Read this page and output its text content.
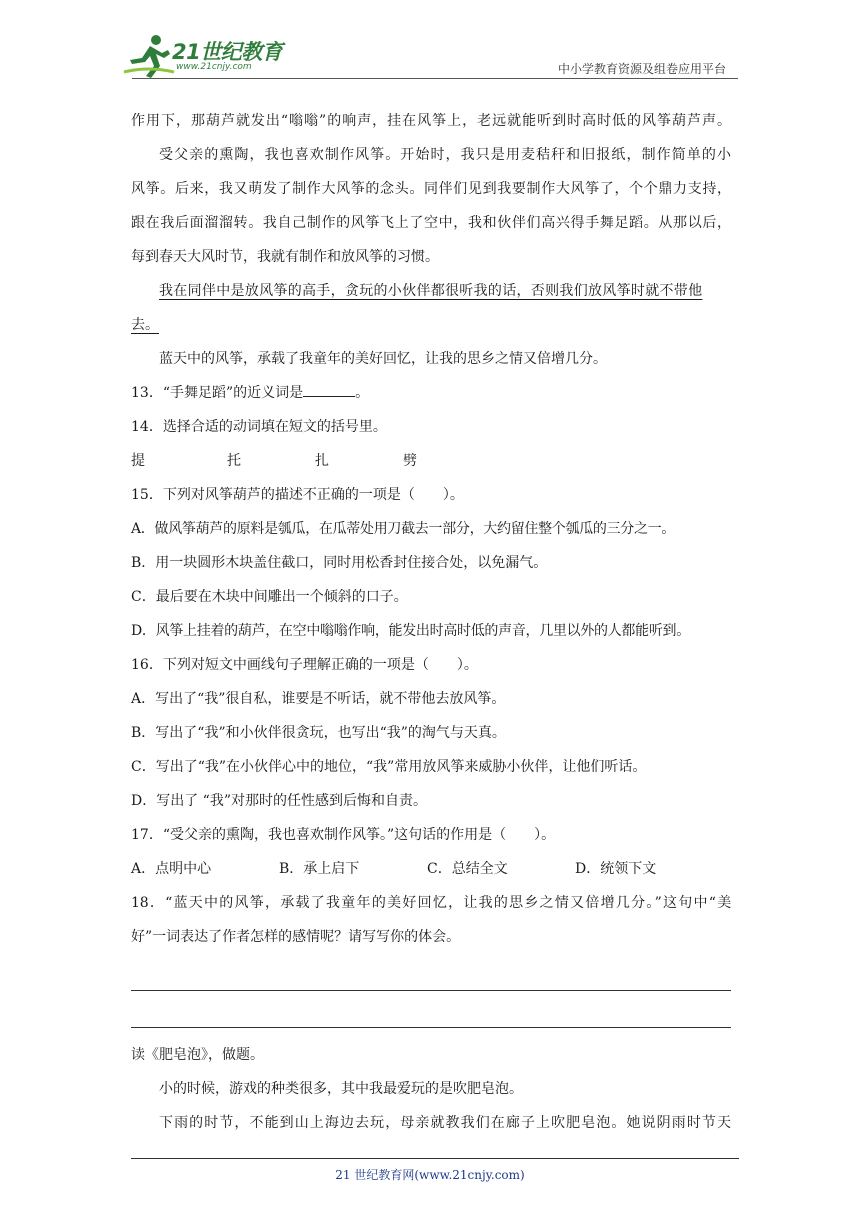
21世纪教育
www.21cnjy.com	中小学教育资源及组卷应用平台
作用下，那葫芦就发出“嗡嗡”的响声，挂在风筝上，老远就能听到时高时低的风筝葫芦声。
受父亲的熏陶，我也喜欢制作风筝。开始时，我只是用麦秸秆和旧报纸，制作简单的小
风筝。后来，我又萌发了制作大风筝的念头。同伴们见到我要制作大风筝了，个个鼎力支持，
跟在我后面溜溜转。我自己制作的风筝飞上了空中，我和伙伴们高兴得手舞足蹈。从那以后，
每到春天大风时节，我就有制作和放风筝的习惯。
我在同伴中是放风筝的高手，贪玩的小伙伴都很听我的话，否则我们放风筝时就不带他
去。
蓝天中的风筝，承载了我童年的美好回忆，让我的思乡之情又倍增几分。
13．“手舞足蹈”的近义词是	。
14．选择合适的动词填在短文的括号里。
提	托	扎	劈
15．下列对风筝葫芦的描述不正确的一项是（　　）。
A．做风筝葫芦的原料是瓠瓜，在瓜蒂处用刀截去一部分，大约留住整个瓠瓜的三分之一。
B．用一块圆形木块盖住截口，同时用松香封住接合处，以免漏气。
C．最后要在木块中间雕出一个倾斜的口子。
D．风筝上挂着的葫芦，在空中嗡嗡作响，能发出时高时低的声音，几里以外的人都能听到。
16．下列对短文中画线句子理解正确的一项是（　　）。
A．写出了“我”很自私，谁要是不听话，就不带他去放风筝。
B．写出了“我”和小伙伴很贪玩，也写出“我”的淘气与天真。
C．写出了“我”在小伙伴心中的地位，“我”常用放风筝来威胁小伙伴，让他们听话。
D．写出了 “我”对那时的任性感到后悔和自责。
17．“受父亲的熏陶，我也喜欢制作风筝。”这句话的作用是（　　）。
A．点明中心	B．承上启下	C．总结全文	D．统领下文
18．“蓝天中的风筝，承载了我童年的美好回忆，让我的思乡之情又倍增几分。”这句中“美
好”一词表达了作者怎样的感情呢？请写写你的体会。
读《肥皂泡》，做题。
小的时候，游戏的种类很多，其中我最爱玩的是吹肥皂泡。
下雨的时节，不能到山上海边去玩，母亲就教我们在廊子上吹肥皂泡。她说阴雨时节天
21 世纪教育网(www.21cnjy.com)
